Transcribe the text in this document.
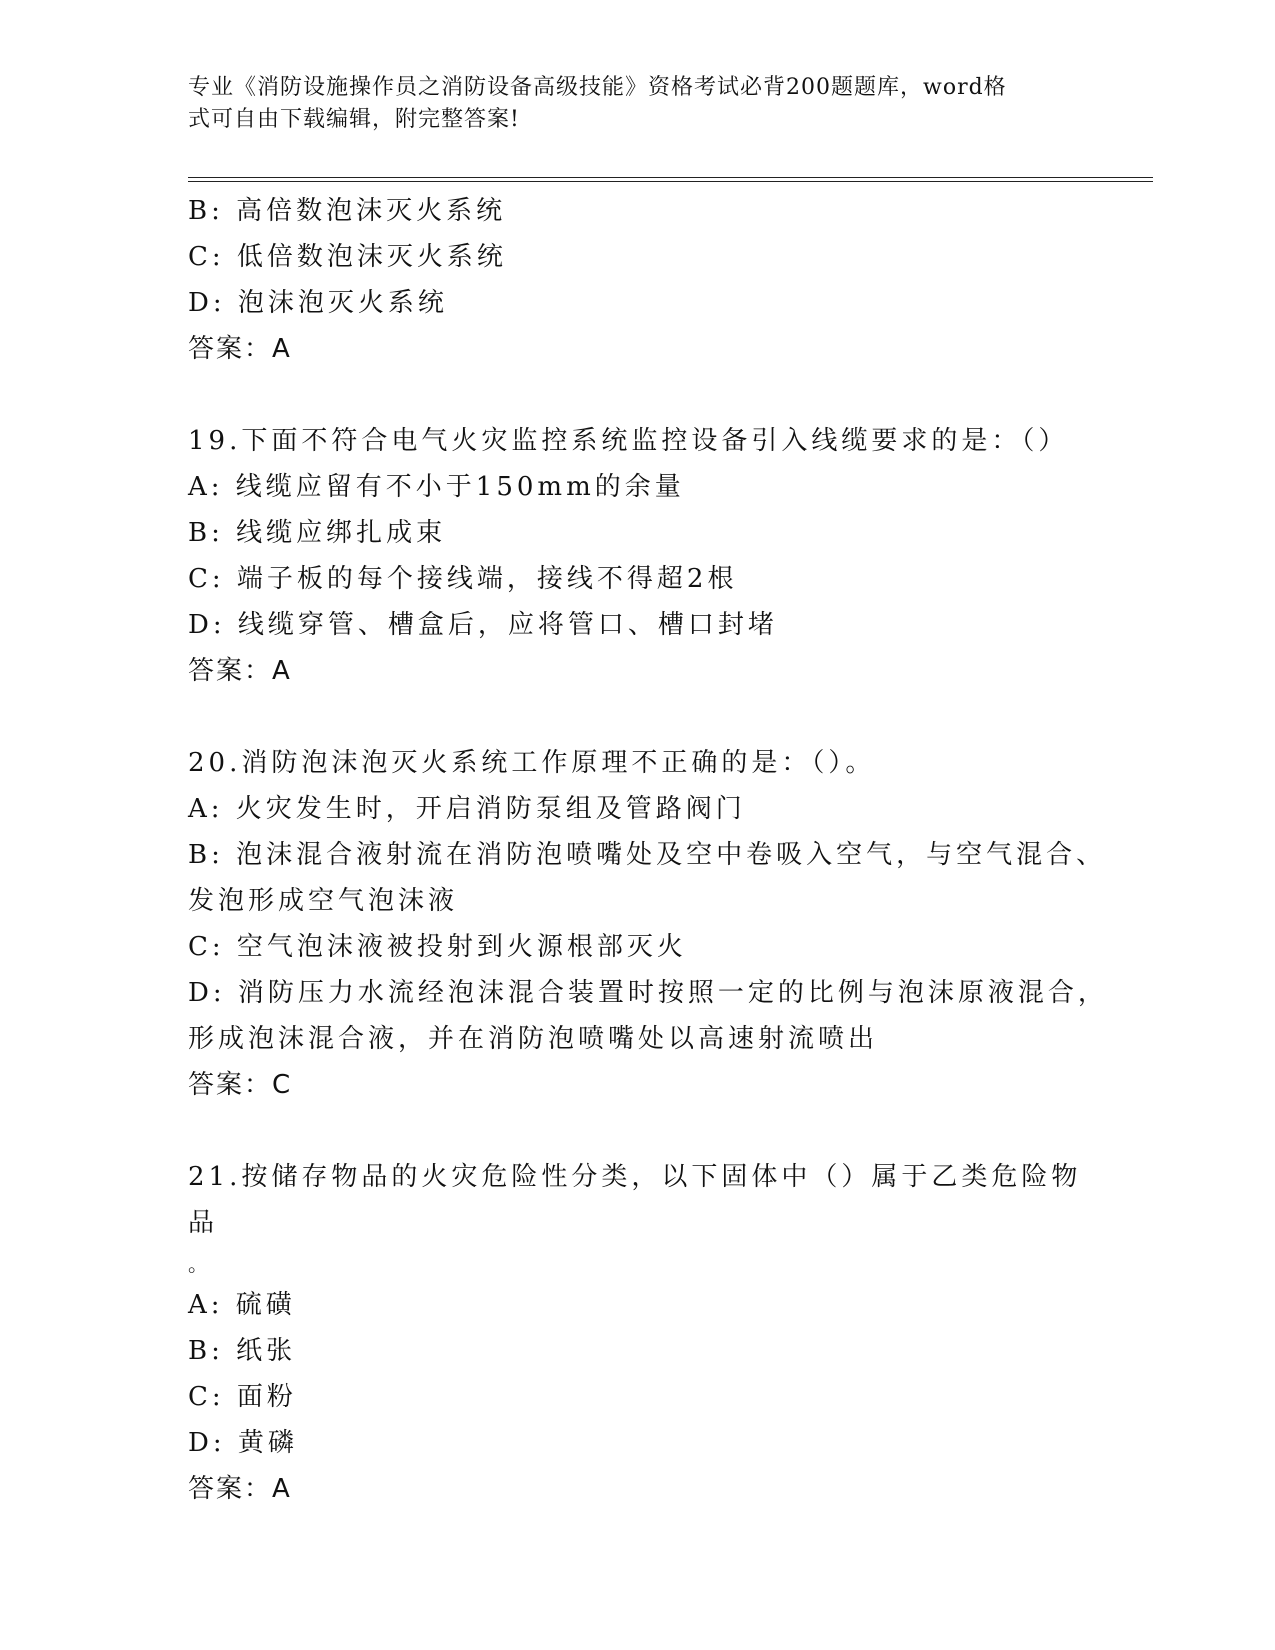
专业《消防设施操作员之消防设备高级技能》资格考试必背200题题库，word格
式可自由下载编辑，附完整答案!
B: 高倍数泡沫灭火系统
C: 低倍数泡沫灭火系统
D: 泡沫泡灭火系统
答案：A
19.下面不符合电气火灾监控系统监控设备引入线缆要求的是：（）
A: 线缆应留有不小于150mm的余量
B: 线缆应绑扎成束
C: 端子板的每个接线端，接线不得超2根
D: 线缆穿管、槽盒后，应将管口、槽口封堵
答案：A
20.消防泡沫泡灭火系统工作原理不正确的是：（）。
A: 火灾发生时，开启消防泵组及管路阀门
B: 泡沫混合液射流在消防泡喷嘴处及空中卷吸入空气，与空气混合、
发泡形成空气泡沫液
C: 空气泡沫液被投射到火源根部灭火
D: 消防压力水流经泡沫混合装置时按照一定的比例与泡沫原液混合，
形成泡沫混合液，并在消防泡喷嘴处以高速射流喷出
答案：C
21.按储存物品的火灾危险性分类，以下固体中（）属于乙类危险物品
。
A: 硫磺
B: 纸张
C: 面粉
D: 黄磷
答案：A
